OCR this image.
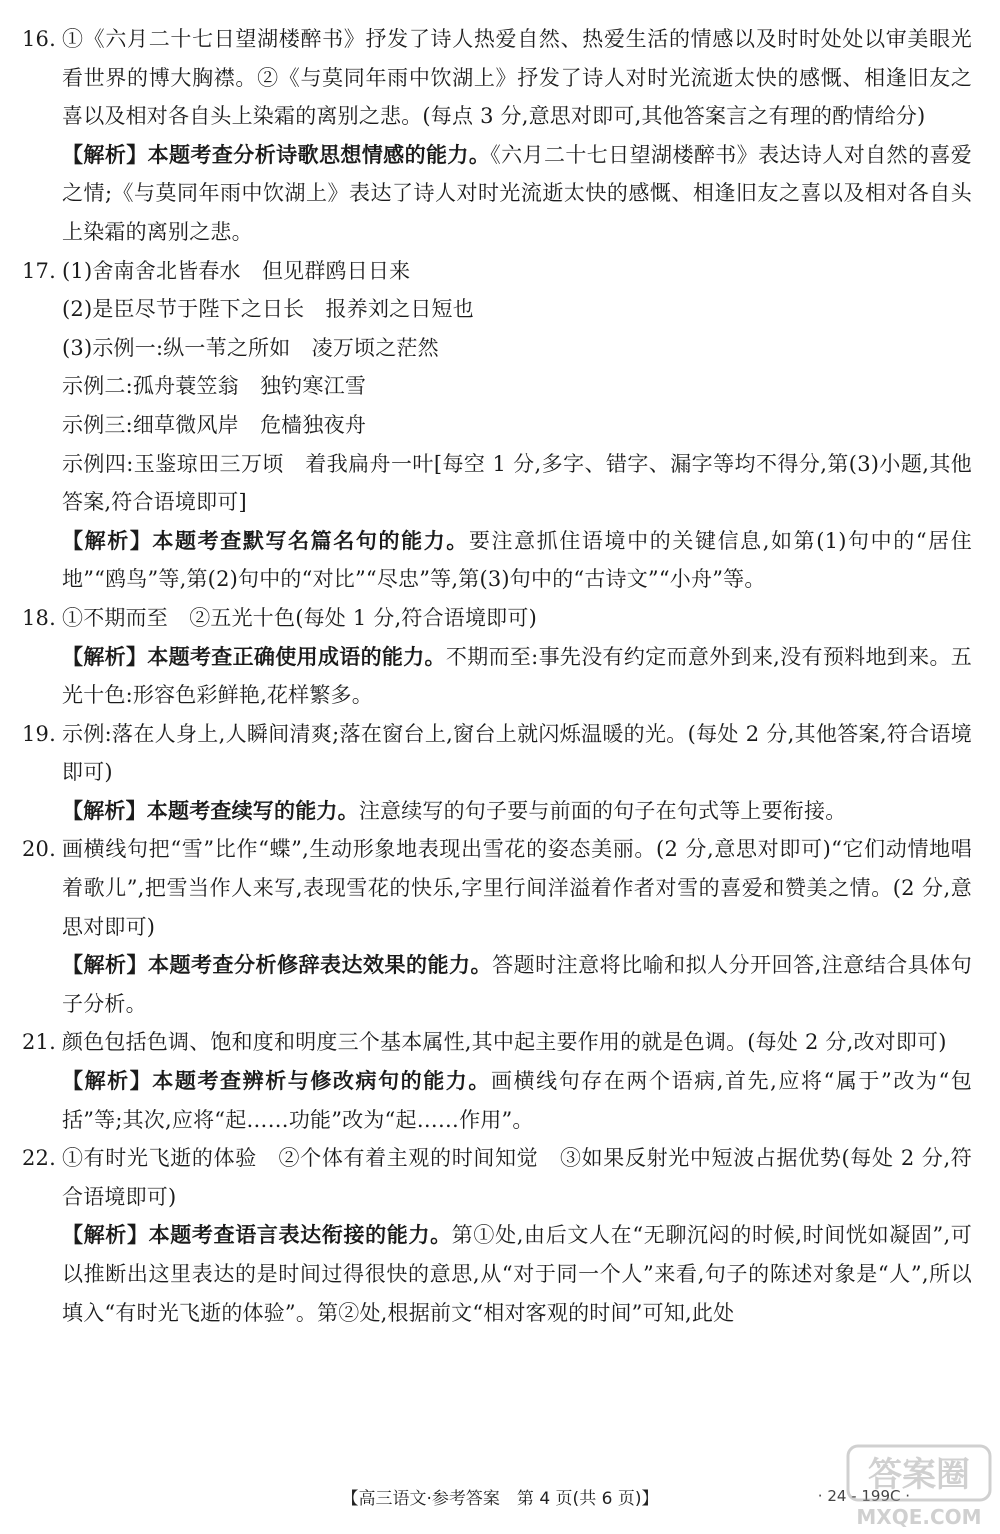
16. ①《六月二十七日望湖楼醉书》抒发了诗人热爱自然、热爱生活的情感以及时时处处以审美眼光看世界的博大胸襟。②《与莫同年雨中饮湖上》抒发了诗人对时光流逝太快的感慨、相逢旧友之喜以及相对各自头上染霜的离别之悲。(每点 3 分,意思对即可,其他答案言之有理的酌情给分)
【解析】本题考查分析诗歌思想情感的能力。《六月二十七日望湖楼醉书》表达诗人对自然的喜爱之情;《与莫同年雨中饮湖上》表达了诗人对时光流逝太快的感慨、相逢旧友之喜以及相对各自头上染霜的离别之悲。
17. (1)舍南舍北皆春水　但见群鸥日日来
(2)是臣尽节于陛下之日长　报养刘之日短也
(3)示例一:纵一苇之所如　凌万顷之茫然
示例二:孤舟蓑笠翁　独钓寒江雪
示例三:细草微风岸　危樯独夜舟
示例四:玉鉴琼田三万顷　着我扁舟一叶[每空 1 分,多字、错字、漏字等均不得分,第(3)小题,其他答案,符合语境即可]
【解析】本题考查默写名篇名句的能力。要注意抓住语境中的关键信息,如第(1)句中的“居住地”“鸥鸟”等,第(2)句中的“对比”“尽忠”等,第(3)句中的“古诗文”“小舟”等。
18. ①不期而至　②五光十色(每处 1 分,符合语境即可)
【解析】本题考查正确使用成语的能力。不期而至:事先没有约定而意外到来,没有预料地到来。五光十色:形容色彩鲜艳,花样繁多。
19. 示例:落在人身上,人瞬间清爽;落在窗台上,窗台上就闪烁温暖的光。(每处 2 分,其他答案,符合语境即可)
【解析】本题考查续写的能力。注意续写的句子要与前面的句子在句式等上要衔接。
20. 画横线句把“雪”比作“蝶”,生动形象地表现出雪花的姿态美丽。(2 分,意思对即可)“它们动情地唱着歌儿”,把雪当作人来写,表现雪花的快乐,字里行间洋溢着作者对雪的喜爱和赞美之情。(2 分,意思对即可)
【解析】本题考查分析修辞表达效果的能力。答题时注意将比喻和拟人分开回答,注意结合具体句子分析。
21. 颜色包括色调、饱和度和明度三个基本属性,其中起主要作用的就是色调。(每处 2 分,改对即可)
【解析】本题考查辨析与修改病句的能力。画横线句存在两个语病,首先,应将“属于”改为“包括”等;其次,应将“起……功能”改为“起……作用”。
22. ①有时光飞逝的体验　②个体有着主观的时间知觉　③如果反射光中短波占据优势(每处 2 分,符合语境即可)
【解析】本题考查语言表达衔接的能力。第①处,由后文人在“无聊沉闷的时候,时间恍如凝固”,可以推断出这里表达的是时间过得很快的意思,从“对于同一个人”来看,句子的陈述对象是“人”,所以填入“有时光飞逝的体验”。第②处,根据前文“相对客观的时间”可知,此处
【高三语文·参考答案　第 4 页(共 6 页)】	· 24 - 199C ·
答案圈
MXQE.COM
